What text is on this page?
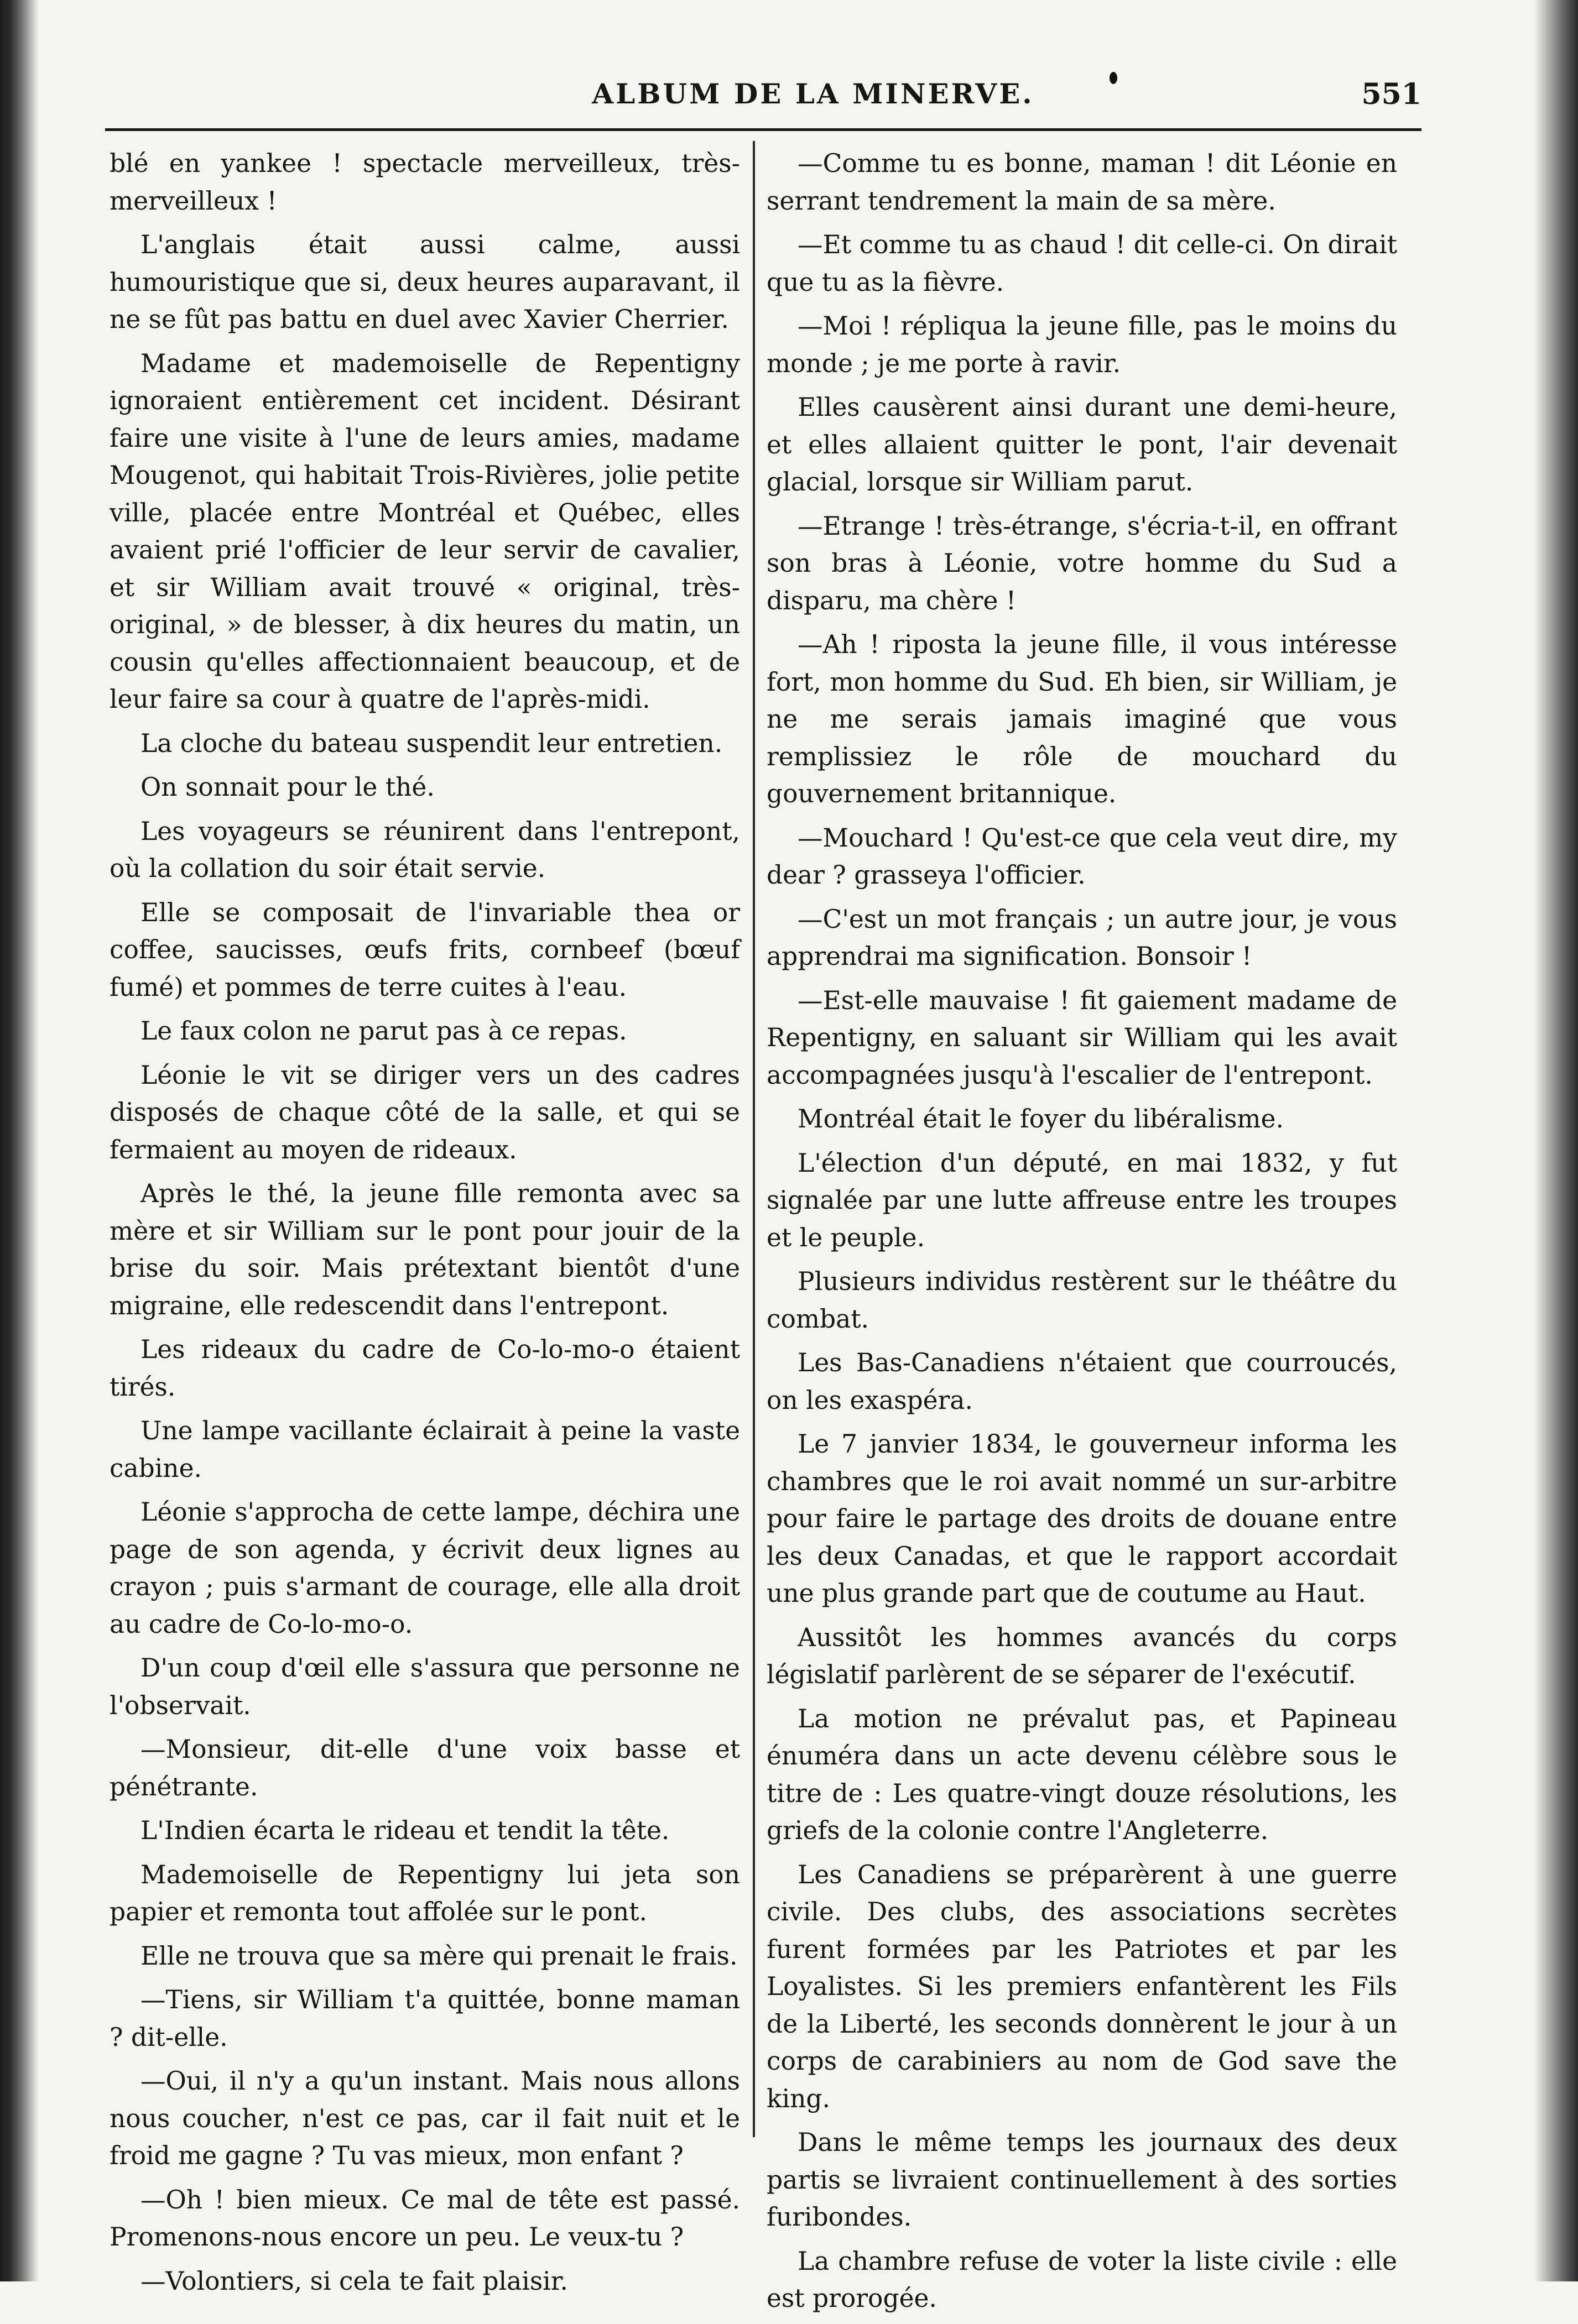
ALBUM DE LA MINERVE.	551

blé en yankee ! spectacle merveilleux, très-merveilleux !

L'anglais était aussi calme, aussi humouristique que si, deux heures auparavant, il ne se fût pas battu en duel avec Xavier Cherrier.

Madame et mademoiselle de Repentigny ignoraient entièrement cet incident. Désirant faire une visite à l'une de leurs amies, madame Mougenot, qui habitait Trois-Rivières, jolie petite ville, placée entre Montréal et Québec, elles avaient prié l'officier de leur servir de cavalier, et sir William avait trouvé « original, très-original, » de blesser, à dix heures du matin, un cousin qu'elles affectionnaient beaucoup, et de leur faire sa cour à quatre de l'après-midi.

La cloche du bateau suspendit leur entretien.

On sonnait pour le thé.

Les voyageurs se réunirent dans l'entrepont, où la collation du soir était servie.

Elle se composait de l'invariable thea or coffee, saucisses, œufs frits, cornbeef (bœuf fumé) et pommes de terre cuites à l'eau.

Le faux colon ne parut pas à ce repas.

Léonie le vit se diriger vers un des cadres disposés de chaque côté de la salle, et qui se fermaient au moyen de rideaux.

Après le thé, la jeune fille remonta avec sa mère et sir William sur le pont pour jouir de la brise du soir. Mais prétextant bientôt d'une migraine, elle redescendit dans l'entrepont.

Les rideaux du cadre de Co-lo-mo-o étaient tirés.

Une lampe vacillante éclairait à peine la vaste cabine.

Léonie s'approcha de cette lampe, déchira une page de son agenda, y écrivit deux lignes au crayon ; puis s'armant de courage, elle alla droit au cadre de Co-lo-mo-o.

D'un coup d'œil elle s'assura que personne ne l'observait.

—Monsieur, dit-elle d'une voix basse et pénétrante.

L'Indien écarta le rideau et tendit la tête.

Mademoiselle de Repentigny lui jeta son papier et remonta tout affolée sur le pont.

Elle ne trouva que sa mère qui prenait le frais.

—Tiens, sir William t'a quittée, bonne maman ? dit-elle.

—Oui, il n'y a qu'un instant. Mais nous allons nous coucher, n'est ce pas, car il fait nuit et le froid me gagne ? Tu vas mieux, mon enfant ?

—Oh ! bien mieux. Ce mal de tête est passé. Promenons-nous encore un peu. Le veux-tu ?

—Volontiers, si cela te fait plaisir.

—Comme tu es bonne, maman ! dit Léonie en serrant tendrement la main de sa mère.

—Et comme tu as chaud ! dit celle-ci. On dirait que tu as la fièvre.

—Moi ! répliqua la jeune fille, pas le moins du monde ; je me porte à ravir.

Elles causèrent ainsi durant une demi-heure, et elles allaient quitter le pont, l'air devenait glacial, lorsque sir William parut.

—Etrange ! très-étrange, s'écria-t-il, en offrant son bras à Léonie, votre homme du Sud a disparu, ma chère !

—Ah ! riposta la jeune fille, il vous intéresse fort, mon homme du Sud. Eh bien, sir William, je ne me serais jamais imaginé que vous remplissiez le rôle de mouchard du gouvernement britannique.

—Mouchard ! Qu'est-ce que cela veut dire, my dear ? grasseya l'officier.

—C'est un mot français ; un autre jour, je vous apprendrai ma signification. Bonsoir !

—Est-elle mauvaise ! fit gaiement madame de Repentigny, en saluant sir William qui les avait accompagnées jusqu'à l'escalier de l'entrepont.

Montréal était le foyer du libéralisme.

L'élection d'un député, en mai 1832, y fut signalée par une lutte affreuse entre les troupes et le peuple.

Plusieurs individus restèrent sur le théâtre du combat.

Les Bas-Canadiens n'étaient que courroucés, on les exaspéra.

Le 7 janvier 1834, le gouverneur informa les chambres que le roi avait nommé un sur-arbitre pour faire le partage des droits de douane entre les deux Canadas, et que le rapport accordait une plus grande part que de coutume au Haut.

Aussitôt les hommes avancés du corps législatif parlèrent de se séparer de l'exécutif.

La motion ne prévalut pas, et Papineau énuméra dans un acte devenu célèbre sous le titre de : Les quatre-vingt douze résolutions, les griefs de la colonie contre l'Angleterre.

Les Canadiens se préparèrent à une guerre civile. Des clubs, des associations secrètes furent formées par les Patriotes et par les Loyalistes. Si les premiers enfantèrent les Fils de la Liberté, les seconds donnèrent le jour à un corps de carabiniers au nom de God save the king.

Dans le même temps les journaux des deux partis se livraient continuellement à des sorties furibondes.

La chambre refuse de voter la liste civile : elle est prorogée.
